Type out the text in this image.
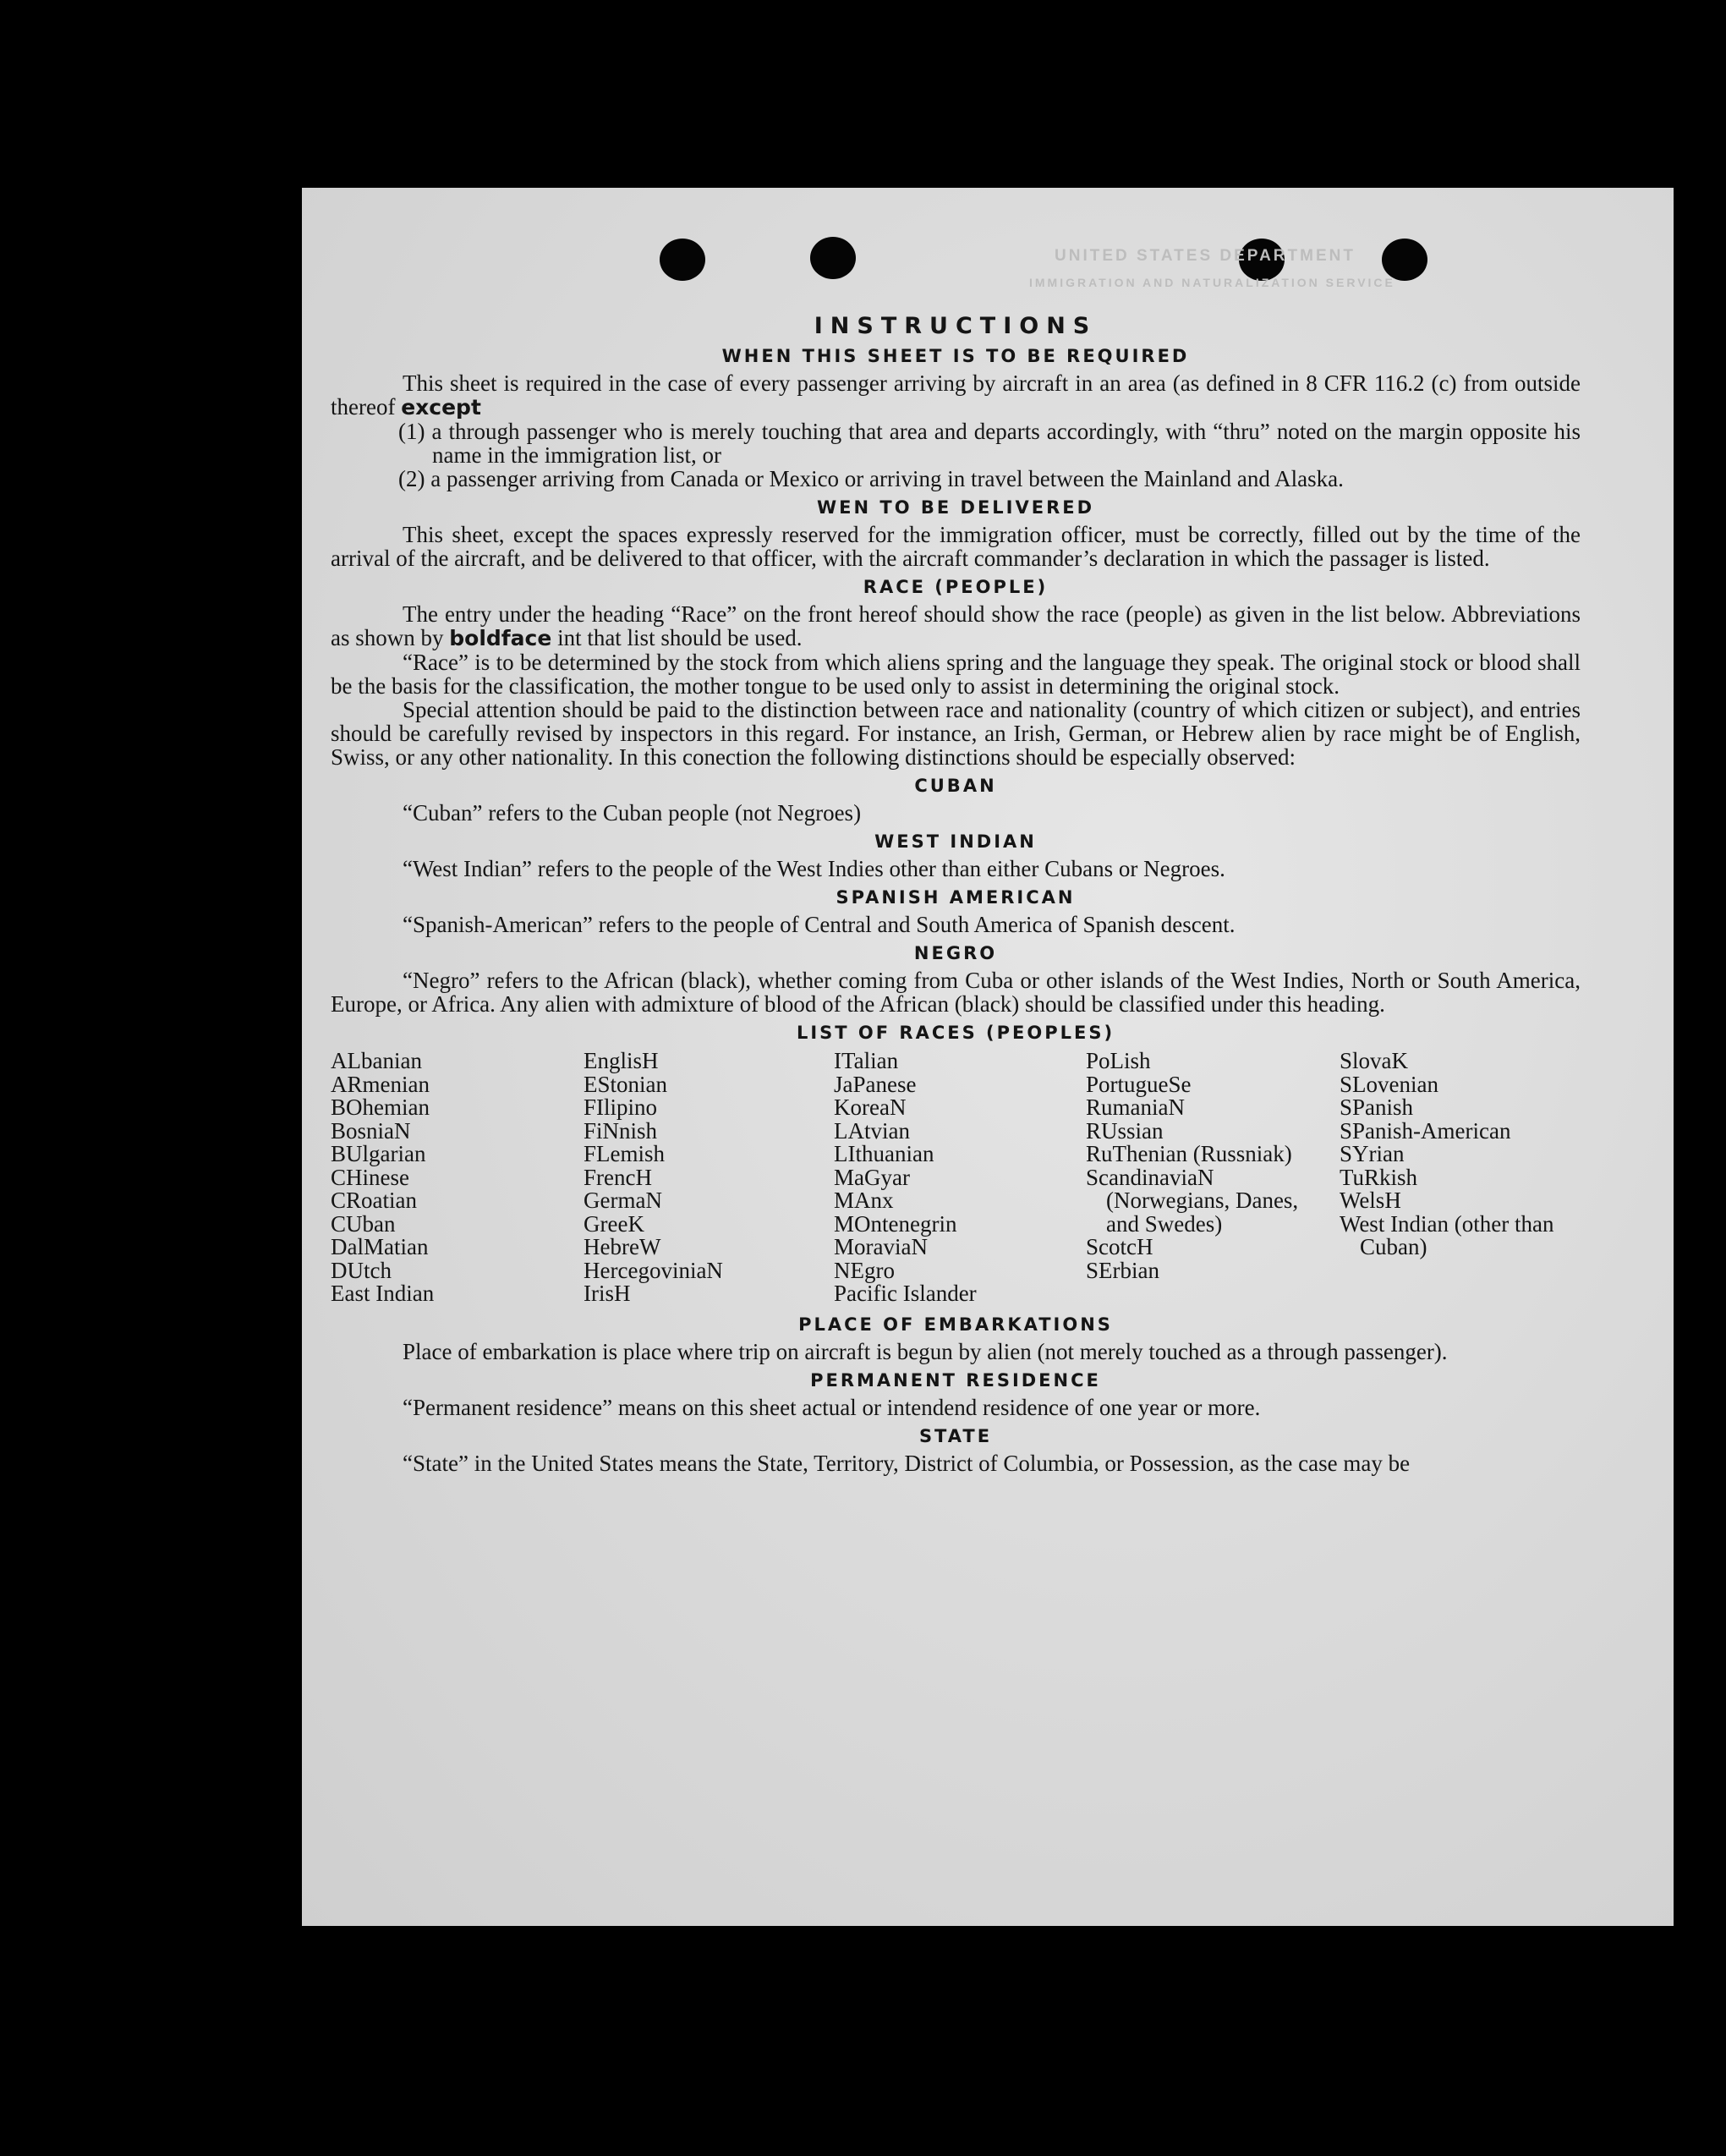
UNITED STATES DEPARTMENT
IMMIGRATION AND NATURALIZATION SERVICE
INSTRUCTIONS
WHEN THIS SHEET IS TO BE REQUIRED

This sheet is required in the case of every passenger arriving by aircraft in an area (as defined in 8 CFR 116.2 (c) from outside thereof except

(1) a through passenger who is merely touching that area and departs accordingly, with “thru” noted on the margin opposite his name in the immigration list, or
(2) a passenger arriving from Canada or Mexico or arriving in travel between the Mainland and Alaska.
WEN TO BE DELIVERED

This sheet, except the spaces expressly reserved for the immigration officer, must be correctly, filled out by the time of the arrival of the aircraft, and be delivered to that officer, with the aircraft commander’s declaration in which the passager is listed.

RACE (PEOPLE)

The entry under the heading “Race” on the front hereof should show the race (people) as given in the list below. Abbreviations as shown by boldface int that list should be used.

“Race” is to be determined by the stock from which aliens spring and the language they speak. The original stock or blood shall be the basis for the classification, the mother tongue to be used only to assist in determining the original stock.

Special attention should be paid to the distinction between race and nationality (country of which citizen or subject), and entries should be carefully revised by inspectors in this regard. For instance, an Irish, German, or Hebrew alien by race might be of English, Swiss, or any other nationality. In this conection the following distinctions should be especially observed:

CUBAN

“Cuban” refers to the Cuban people (not Negroes)

WEST INDIAN

“West Indian” refers to the people of the West Indies other than either Cubans or Negroes.

SPANISH AMERICAN

“Spanish-American” refers to the people of Central and South America of Spanish descent.

NEGRO

“Negro” refers to the African (black), whether coming from Cuba or other islands of the West Indies, North or South America, Europe, or Africa. Any alien with admixture of blood of the African (black) should be classified under this heading.

LIST OF RACES (PEOPLES)
ALbanian
ARmenian
BOhemian
BosniaN
BUlgarian
CHinese
CRoatian
CUban
DalMatian
DUtch
East Indian
EnglisH
EStonian
FIlipino
FiNnish
FLemish
FrencH
GermaN
GreeK
HebreW
HercegovinіaN
IrisH
ITalian
JaPanese
KoreaN
LAtvian
LIthuanian
MaGyar
MAnx
MOntenegrin
MoraviaN
NEgro
Pacific Islander
PoLish
PortugueSe
RumaniaN
RUssian
RuThenian (Russniak)
ScandinaviaN (Norwegians, Danes, and Swedes)
ScotcH
SErbian
SlovaK
SLovenian
SPanish
SPanish-American
SYrian
TuRkish
WelsH
West Indian (other than Cuban)
PLACE OF EMBARKATIONS

Place of embarkation is place where trip on aircraft is begun by alien (not merely touched as a through passenger).

PERMANENT RESIDENCE

“Permanent residence” means on this sheet actual or intendend residence of one year or more.

STATE

“State” in the United States means the State, Territory, District of Columbia, or Possession, as the case may be
